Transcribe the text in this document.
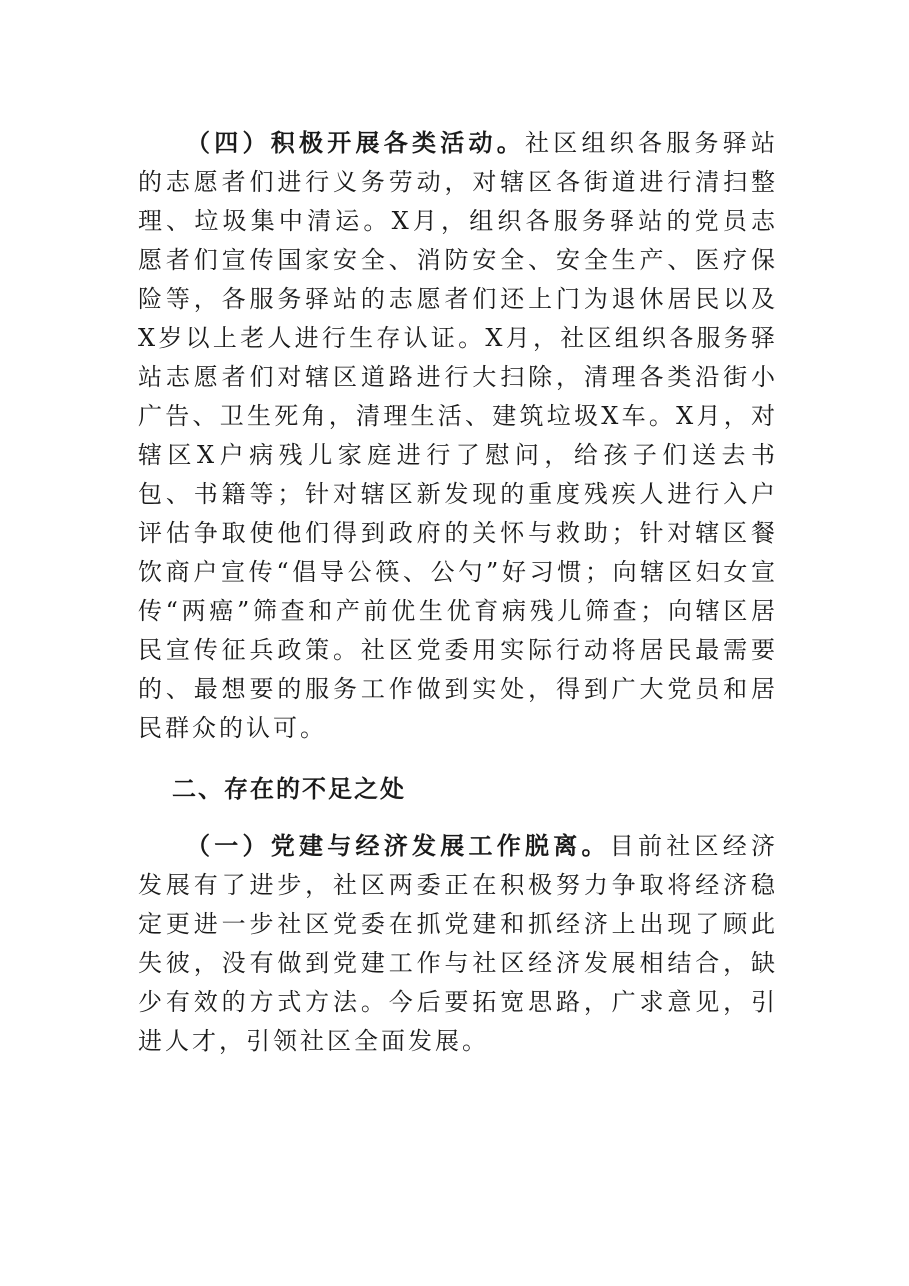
（四）积极开展各类活动。社区组织各服务驿站的志愿者们进行义务劳动，对辖区各街道进行清扫整理、垃圾集中清运。X月，组织各服务驿站的党员志愿者们宣传国家安全、消防安全、安全生产、医疗保险等，各服务驿站的志愿者们还上门为退休居民以及X岁以上老人进行生存认证。X月，社区组织各服务驿站志愿者们对辖区道路进行大扫除，清理各类沿街小广告、卫生死角，清理生活、建筑垃圾X车。X月，对辖区X户病残儿家庭进行了慰问，给孩子们送去书包、书籍等；针对辖区新发现的重度残疾人进行入户评估争取使他们得到政府的关怀与救助；针对辖区餐饮商户宣传“倡导公筷、公勺”好习惯；向辖区妇女宣传“两癌”筛查和产前优生优育病残儿筛查；向辖区居民宣传征兵政策。社区党委用实际行动将居民最需要的、最想要的服务工作做到实处，得到广大党员和居民群众的认可。

二、存在的不足之处

（一）党建与经济发展工作脱离。目前社区经济发展有了进步，社区两委正在积极努力争取将经济稳定更进一步社区党委在抓党建和抓经济上出现了顾此失彼，没有做到党建工作与社区经济发展相结合，缺少有效的方式方法。今后要拓宽思路，广求意见，引进人才，引领社区全面发展。
